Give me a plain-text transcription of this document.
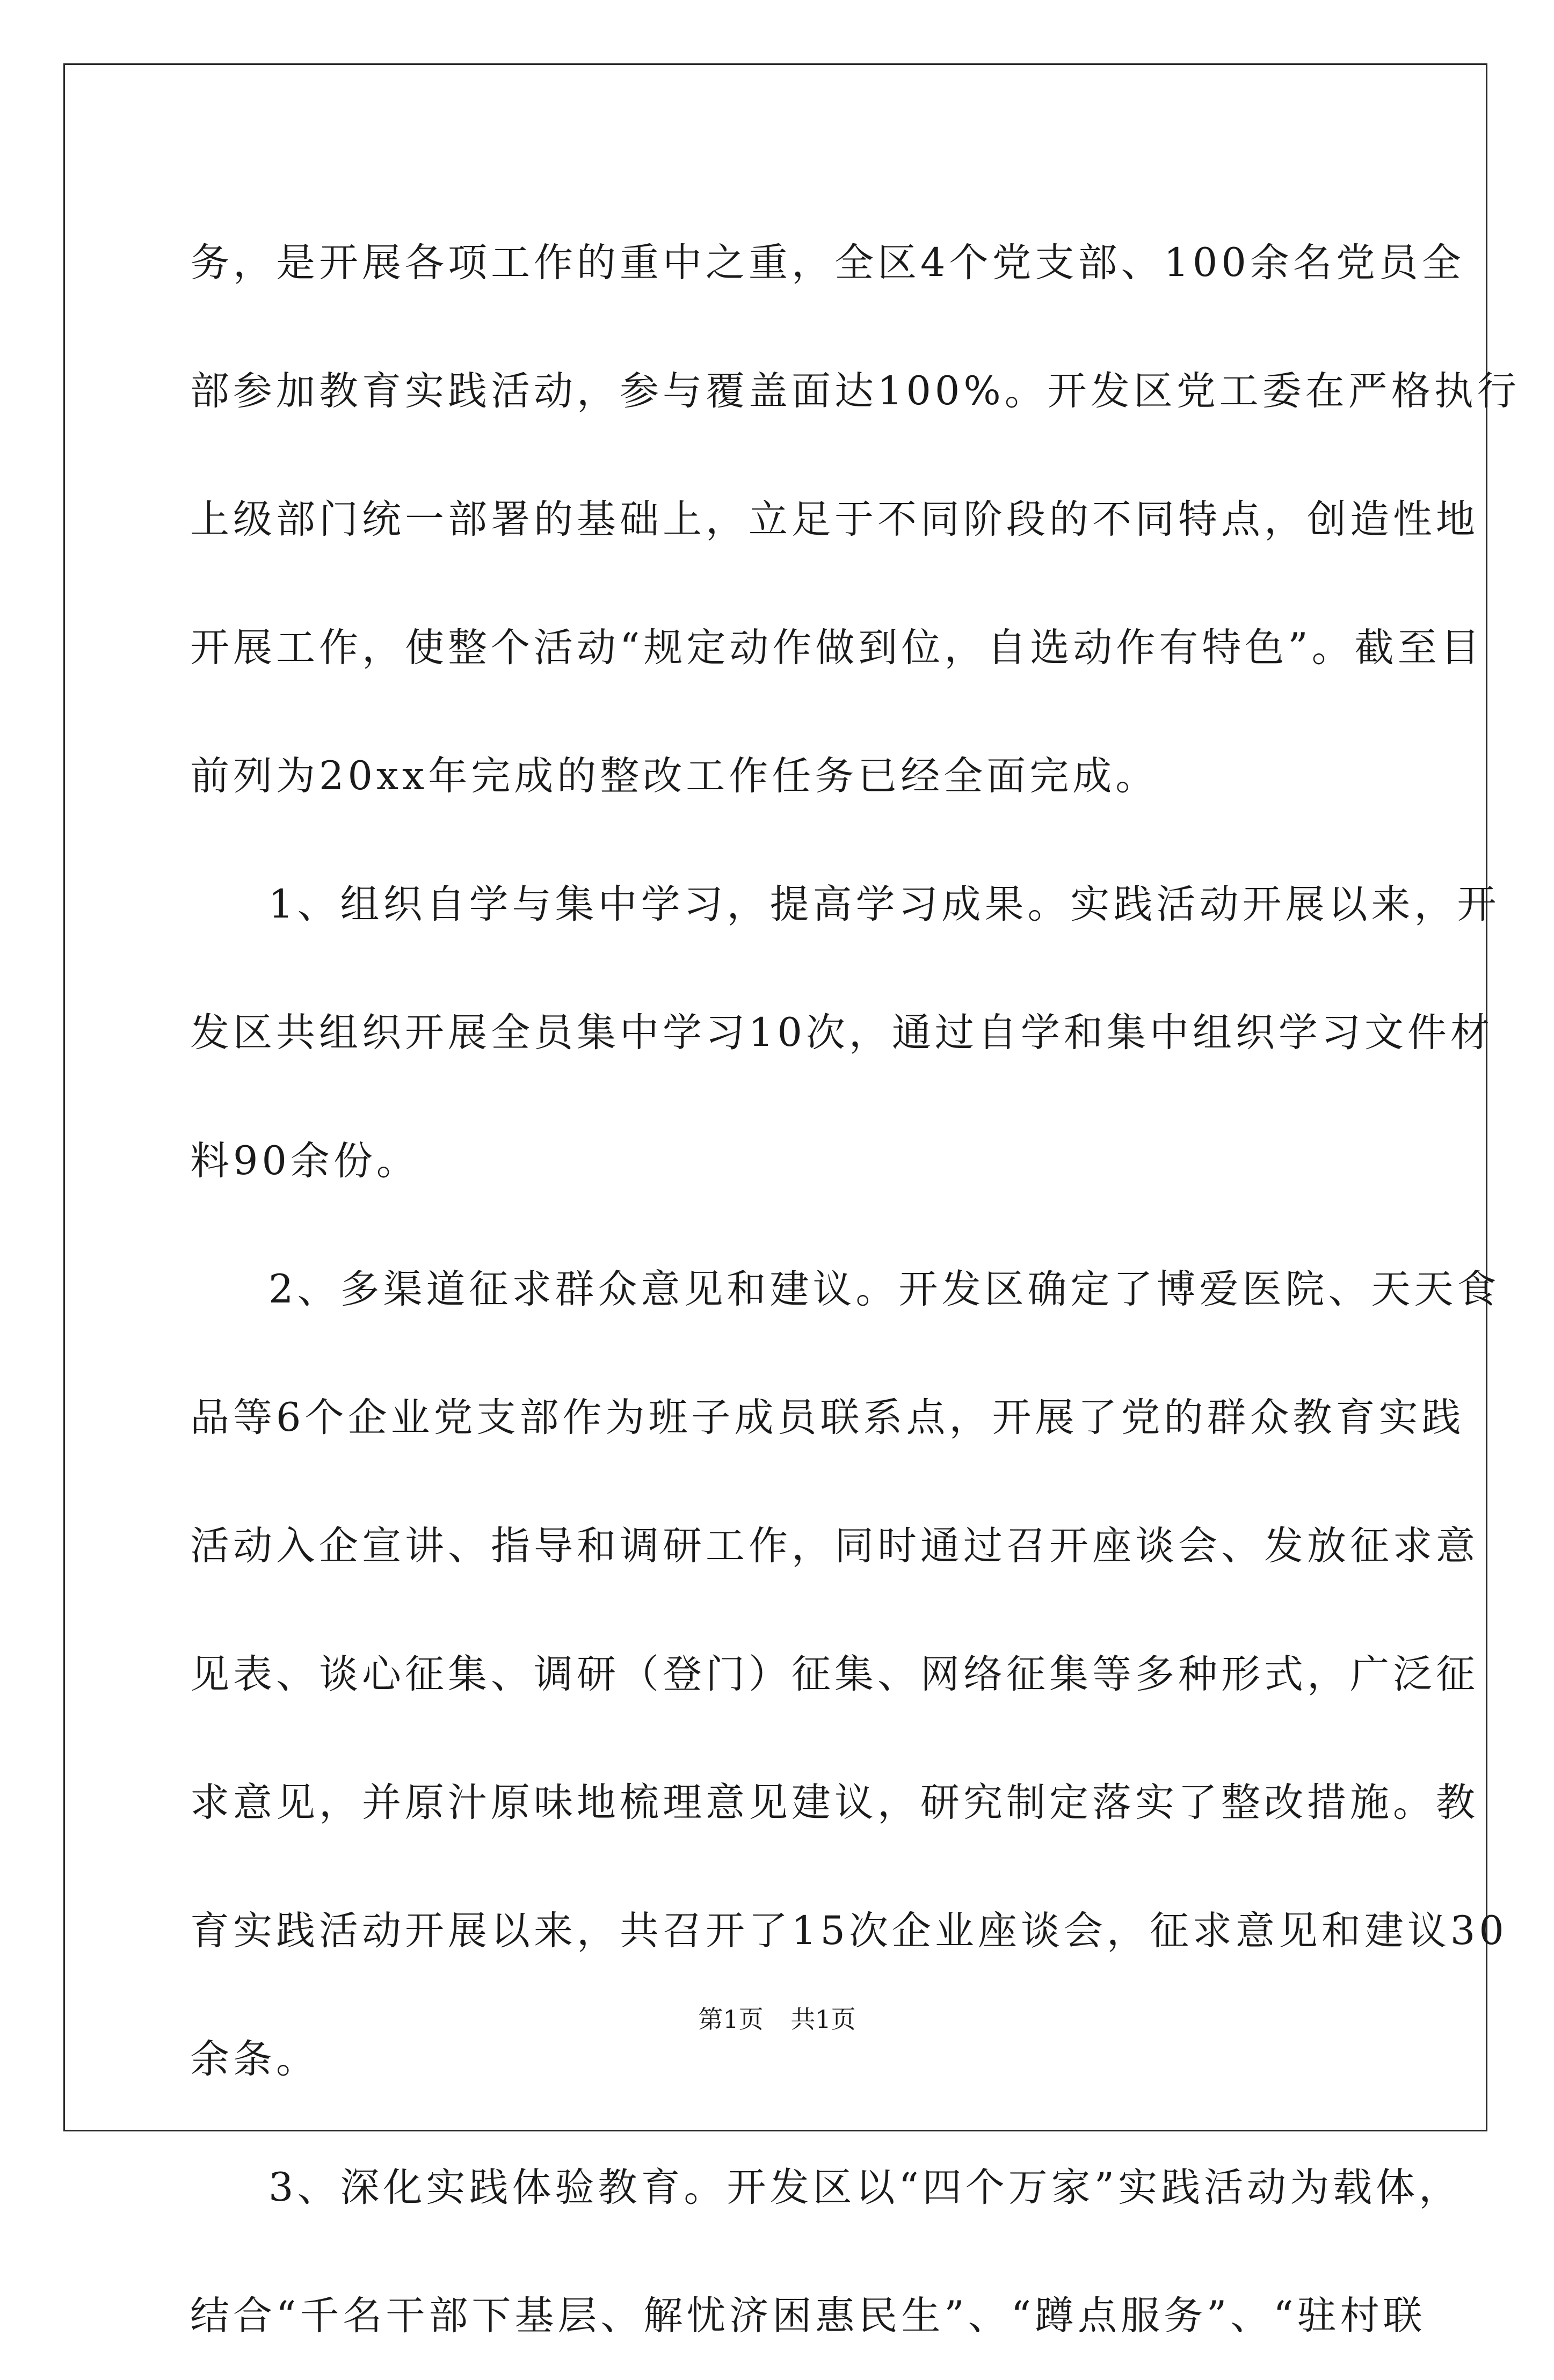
务，是开展各项工作的重中之重，全区4个党支部、100余名党员全

部参加教育实践活动，参与覆盖面达100%。开发区党工委在严格执行

上级部门统一部署的基础上，立足于不同阶段的不同特点，创造性地

开展工作，使整个活动“规定动作做到位，自选动作有特色”。截至目

前列为20xx年完成的整改工作任务已经全面完成。

1、组织自学与集中学习，提高学习成果。实践活动开展以来，开

发区共组织开展全员集中学习10次，通过自学和集中组织学习文件材

料90余份。

2、多渠道征求群众意见和建议。开发区确定了博爱医院、天天食

品等6个企业党支部作为班子成员联系点，开展了党的群众教育实践

活动入企宣讲、指导和调研工作，同时通过召开座谈会、发放征求意

见表、谈心征集、调研（登门）征集、网络征集等多种形式，广泛征

求意见，并原汁原味地梳理意见建议，研究制定落实了整改措施。教

育实践活动开展以来，共召开了15次企业座谈会，征求意见和建议30

余条。

3、深化实践体验教育。开发区以“四个万家”实践活动为载体，

结合“千名干部下基层、解忧济困惠民生”、“蹲点服务”、“驻村联

第1页 共1页
